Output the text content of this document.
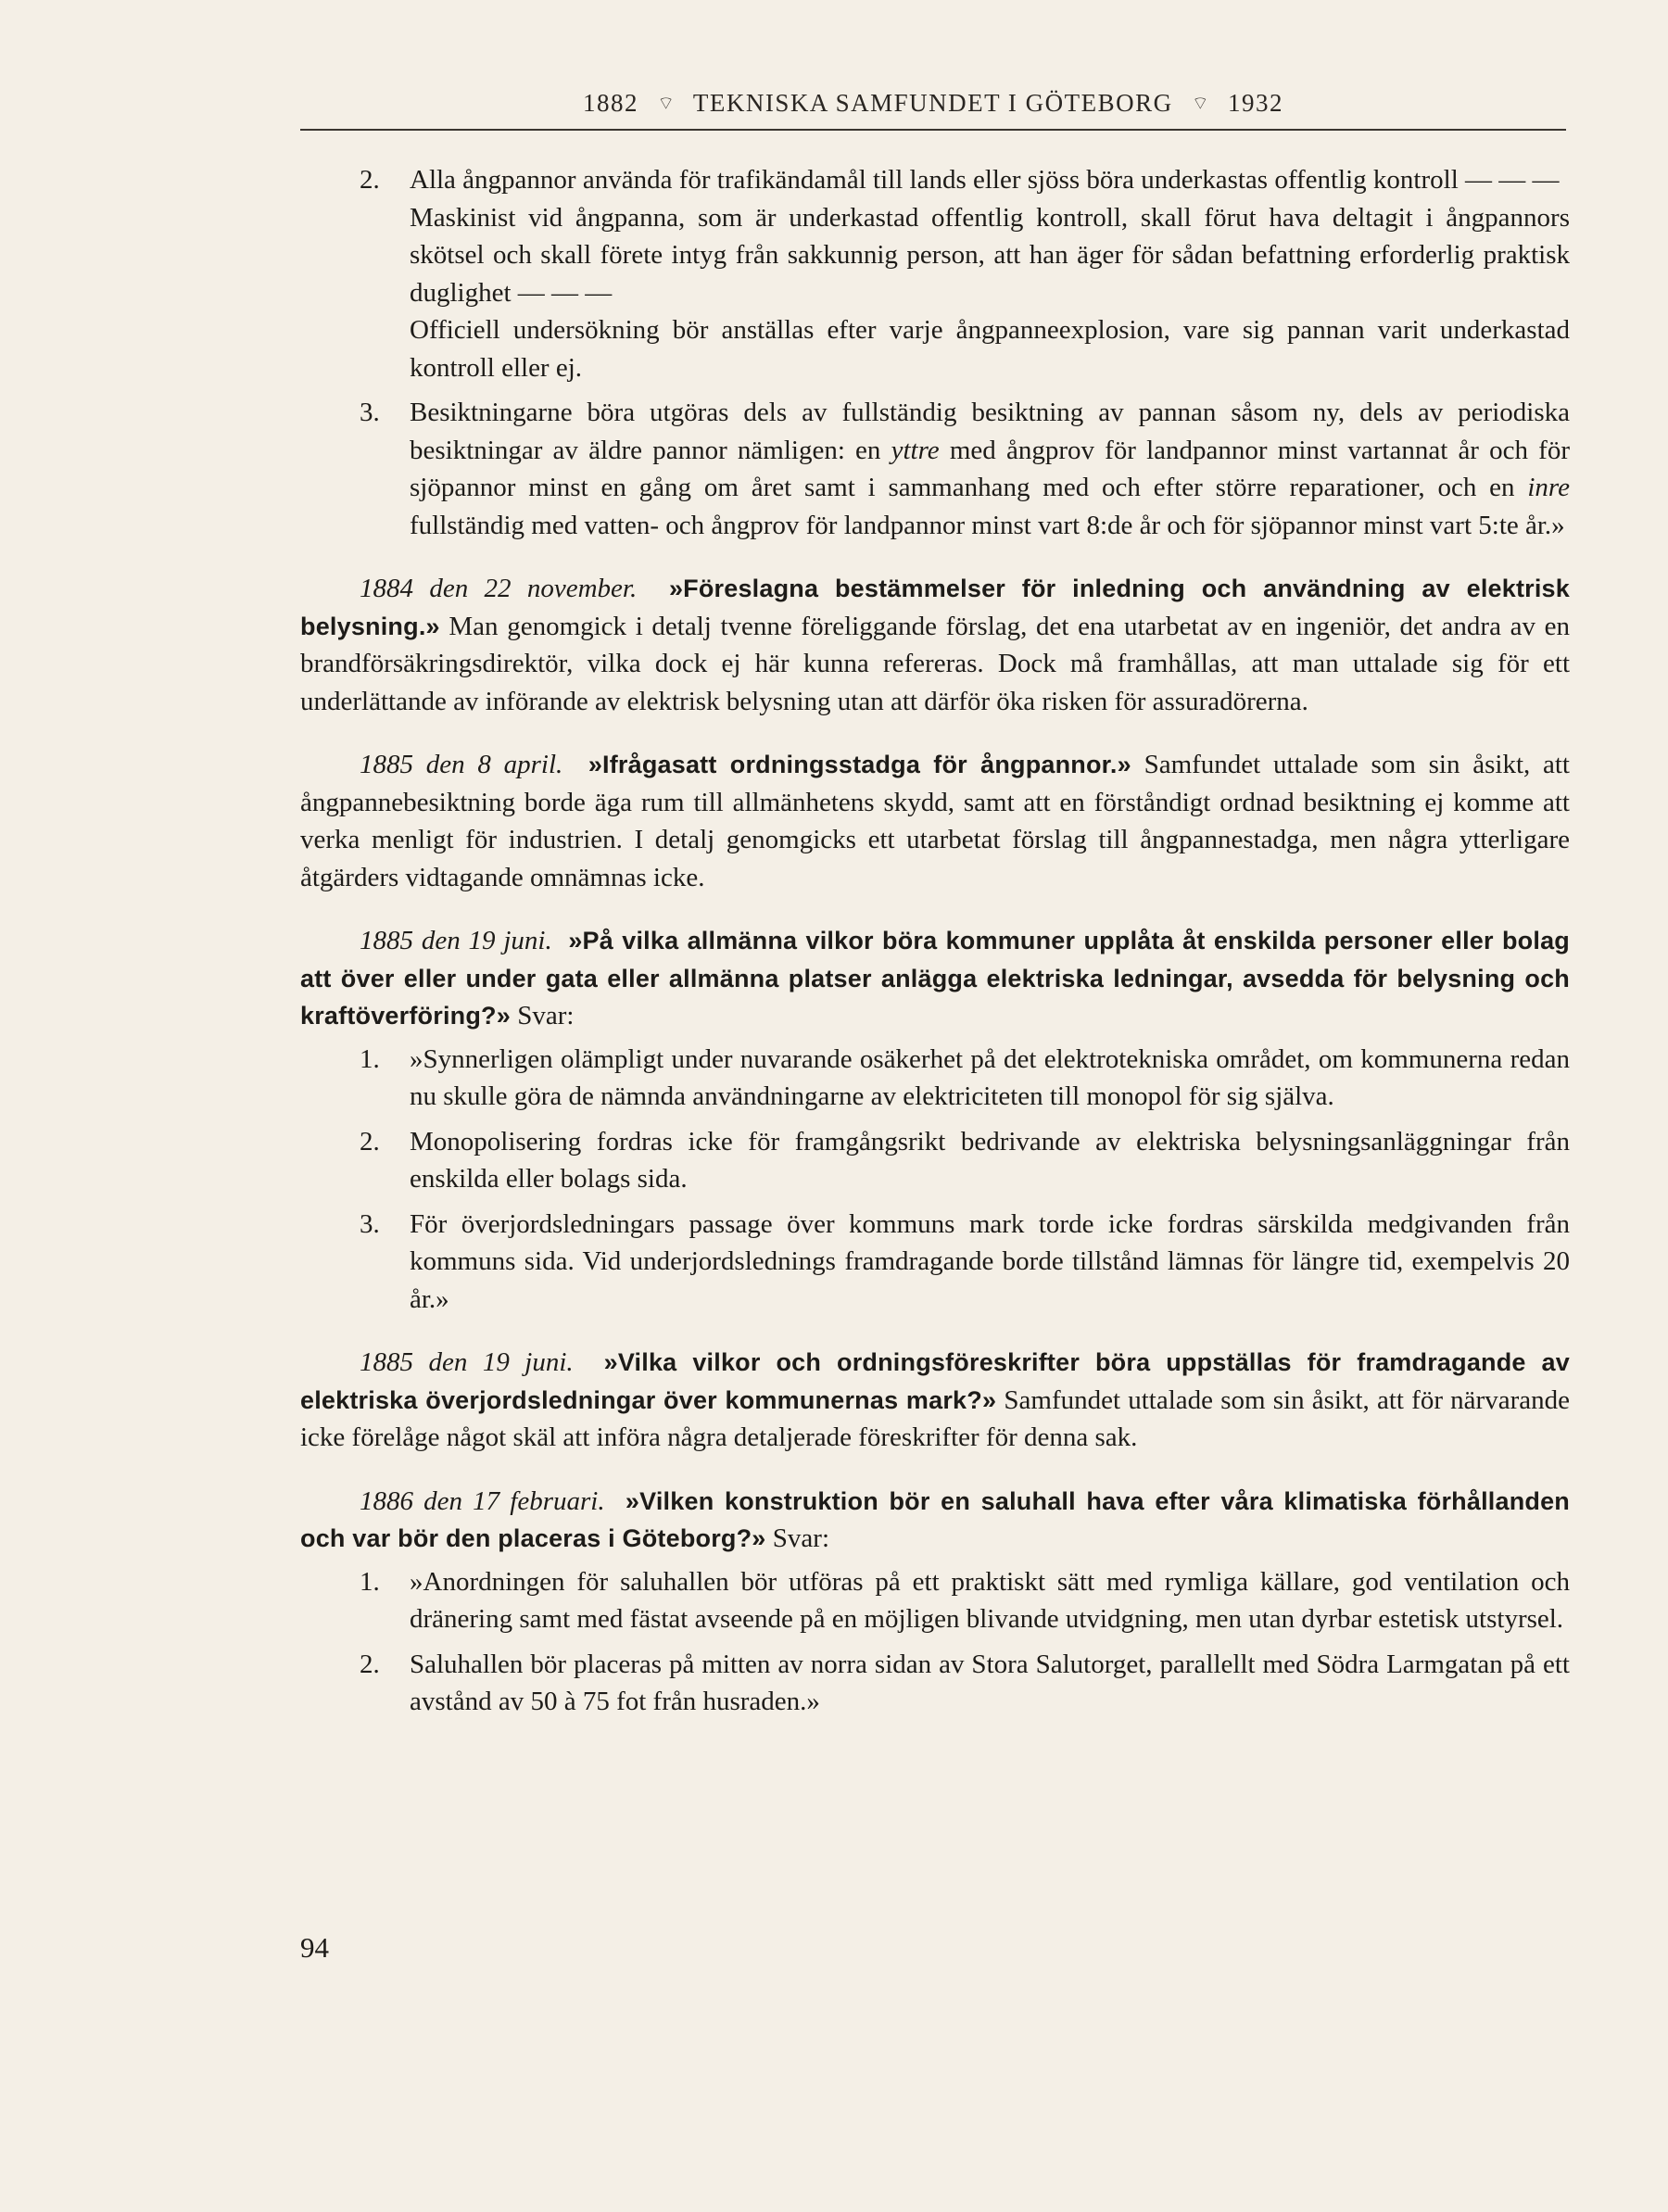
1882 ⌔ TEKNISKA SAMFUNDET I GÖTEBORG ⌔ 1932
2. Alla ångpannor använda för trafikändamål till lands eller sjöss böra underkastas offentlig kontroll — — —

Maskinist vid ångpanna, som är underkastad offentlig kontroll, skall förut hava deltagit i ångpannors skötsel och skall förete intyg från sakkunnig person, att han äger för sådan befattning erforderlig praktisk duglighet — — —

Officiell undersökning bör anställas efter varje ångpanneexplosion, vare sig pannan varit underkastad kontroll eller ej.

3. Besiktningarne böra utgöras dels av fullständig besiktning av pannan såsom ny, dels av periodiska besiktningar av äldre pannor nämligen: en yttre med ångprov för landpannor minst vartannat år och för sjöpannor minst en gång om året samt i sammanhang med och efter större reparationer, och en inre fullständig med vatten- och ångprov för landpannor minst vart 8:de år och för sjöpannor minst vart 5:te år.»

1884 den 22 november. »Föreslagna bestämmelser för inledning och användning av elektrisk belysning.» Man genomgick i detalj tvenne föreliggande förslag, det ena utarbetat av en ingeniör, det andra av en brandförsäkringsdirektör, vilka dock ej här kunna refereras. Dock må framhållas, att man uttalade sig för ett underlättande av införande av elektrisk belysning utan att därför öka risken för assuradörerna.

1885 den 8 april. »Ifrågasatt ordningsstadga för ångpannor.» Samfundet uttalade som sin åsikt, att ångpannebesiktning borde äga rum till allmänhetens skydd, samt att en förståndigt ordnad besiktning ej komme att verka menligt för industrien. I detalj genomgicks ett utarbetat förslag till ångpannestadga, men några ytterligare åtgärders vidtagande omnämnas icke.

1885 den 19 juni. »På vilka allmänna vilkor böra kommuner upplåta åt enskilda personer eller bolag att över eller under gata eller allmänna platser anlägga elektriska ledningar, avsedda för belysning och kraftöverföring?» Svar:

1. »Synnerligen olämpligt under nuvarande osäkerhet på det elektrotekniska området, om kommunerna redan nu skulle göra de nämnda användningarne av elektriciteten till monopol för sig själva.

2. Monopolisering fordras icke för framgångsrikt bedrivande av elektriska belysningsanläggningar från enskilda eller bolags sida.

3. För överjordsledningars passage över kommuns mark torde icke fordras särskilda medgivanden från kommuns sida. Vid underjordslednings framdragande borde tillstånd lämnas för längre tid, exempelvis 20 år.»

1885 den 19 juni. »Vilka vilkor och ordningsföreskrifter böra uppställas för framdragande av elektriska överjordsledningar över kommunernas mark?» Samfundet uttalade som sin åsikt, att för närvarande icke förelåge något skäl att införa några detaljerade föreskrifter för denna sak.

1886 den 17 februari. »Vilken konstruktion bör en saluhall hava efter våra klimatiska förhållanden och var bör den placeras i Göteborg?» Svar:

1. »Anordningen för saluhallen bör utföras på ett praktiskt sätt med rymliga källare, god ventilation och dränering samt med fästat avseende på en möjligen blivande utvidgning, men utan dyrbar estetisk utstyrsel.

2. Saluhallen bör placeras på mitten av norra sidan av Stora Salutorget, parallellt med Södra Larmgatan på ett avstånd av 50 à 75 fot från husraden.»

94
